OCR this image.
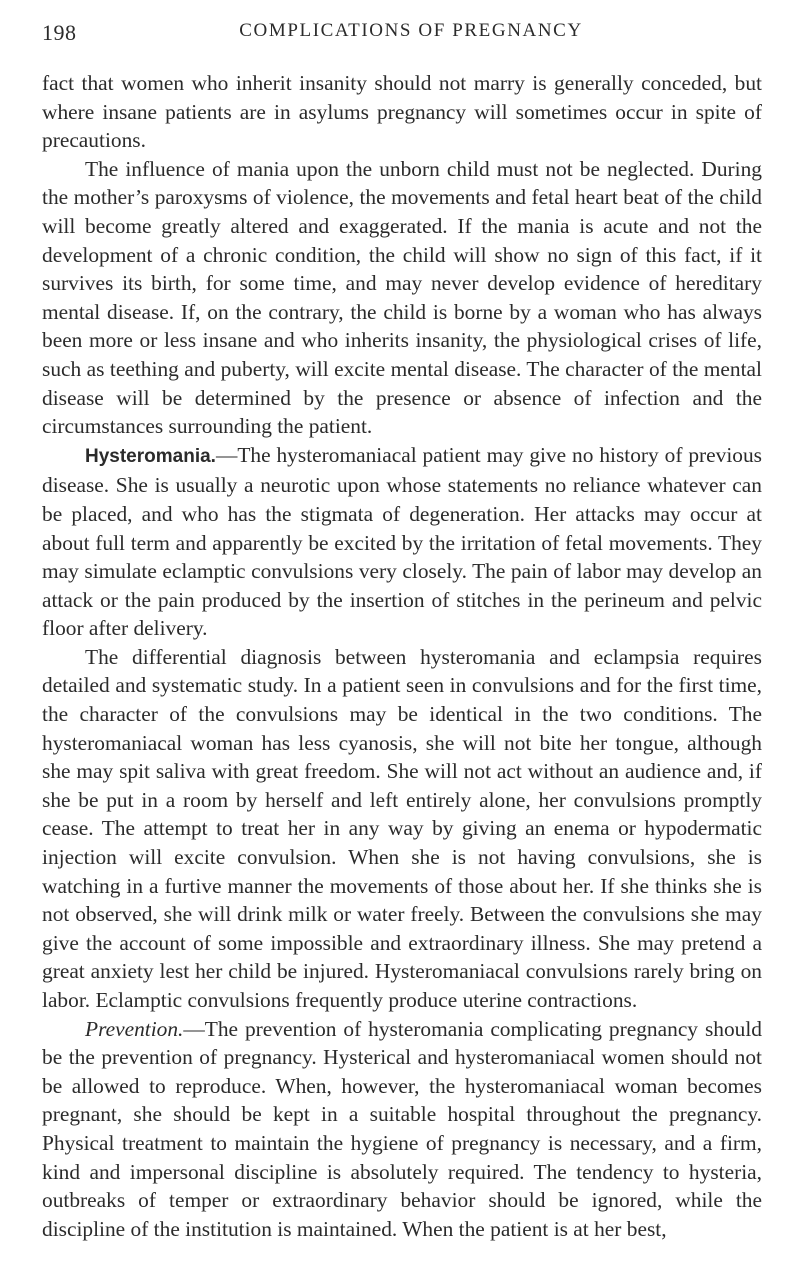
198	COMPLICATIONS OF PREGNANCY

fact that women who inherit insanity should not marry is generally conceded, but where insane patients are in asylums pregnancy will sometimes occur in spite of precautions.

The influence of mania upon the unborn child must not be neglected. During the mother’s paroxysms of violence, the movements and fetal heart beat of the child will become greatly altered and exaggerated. If the mania is acute and not the development of a chronic condition, the child will show no sign of this fact, if it survives its birth, for some time, and may never develop evidence of hereditary mental disease. If, on the contrary, the child is borne by a woman who has always been more or less insane and who inherits insanity, the physiological crises of life, such as teething and puberty, will excite mental disease. The character of the mental disease will be determined by the presence or absence of infection and the circumstances surrounding the patient.

Hysteromania.—The hysteromaniacal patient may give no history of previous disease. She is usually a neurotic upon whose statements no reliance whatever can be placed, and who has the stigmata of degeneration. Her attacks may occur at about full term and apparently be excited by the irritation of fetal movements. They may simulate eclamptic convulsions very closely. The pain of labor may develop an attack or the pain produced by the insertion of stitches in the perineum and pelvic floor after delivery.

The differential diagnosis between hysteromania and eclampsia requires detailed and systematic study. In a patient seen in convulsions and for the first time, the character of the convulsions may be identical in the two conditions. The hysteromaniacal woman has less cyanosis, she will not bite her tongue, although she may spit saliva with great freedom. She will not act without an audience and, if she be put in a room by herself and left entirely alone, her convulsions promptly cease. The attempt to treat her in any way by giving an enema or hypodermatic injection will excite convulsion. When she is not having convulsions, she is watching in a furtive manner the movements of those about her. If she thinks she is not observed, she will drink milk or water freely. Between the convulsions she may give the account of some impossible and extraordinary illness. She may pretend a great anxiety lest her child be injured. Hysteromaniacal convulsions rarely bring on labor. Eclamptic convulsions frequently produce uterine contractions.

Prevention.—The prevention of hysteromania complicating pregnancy should be the prevention of pregnancy. Hysterical and hysteromaniacal women should not be allowed to reproduce. When, however, the hysteromaniacal woman becomes pregnant, she should be kept in a suitable hospital throughout the pregnancy. Physical treatment to maintain the hygiene of pregnancy is necessary, and a firm, kind and impersonal discipline is absolutely required. The tendency to hysteria, outbreaks of temper or extraordinary behavior should be ignored, while the discipline of the institution is maintained. When the patient is at her best,
